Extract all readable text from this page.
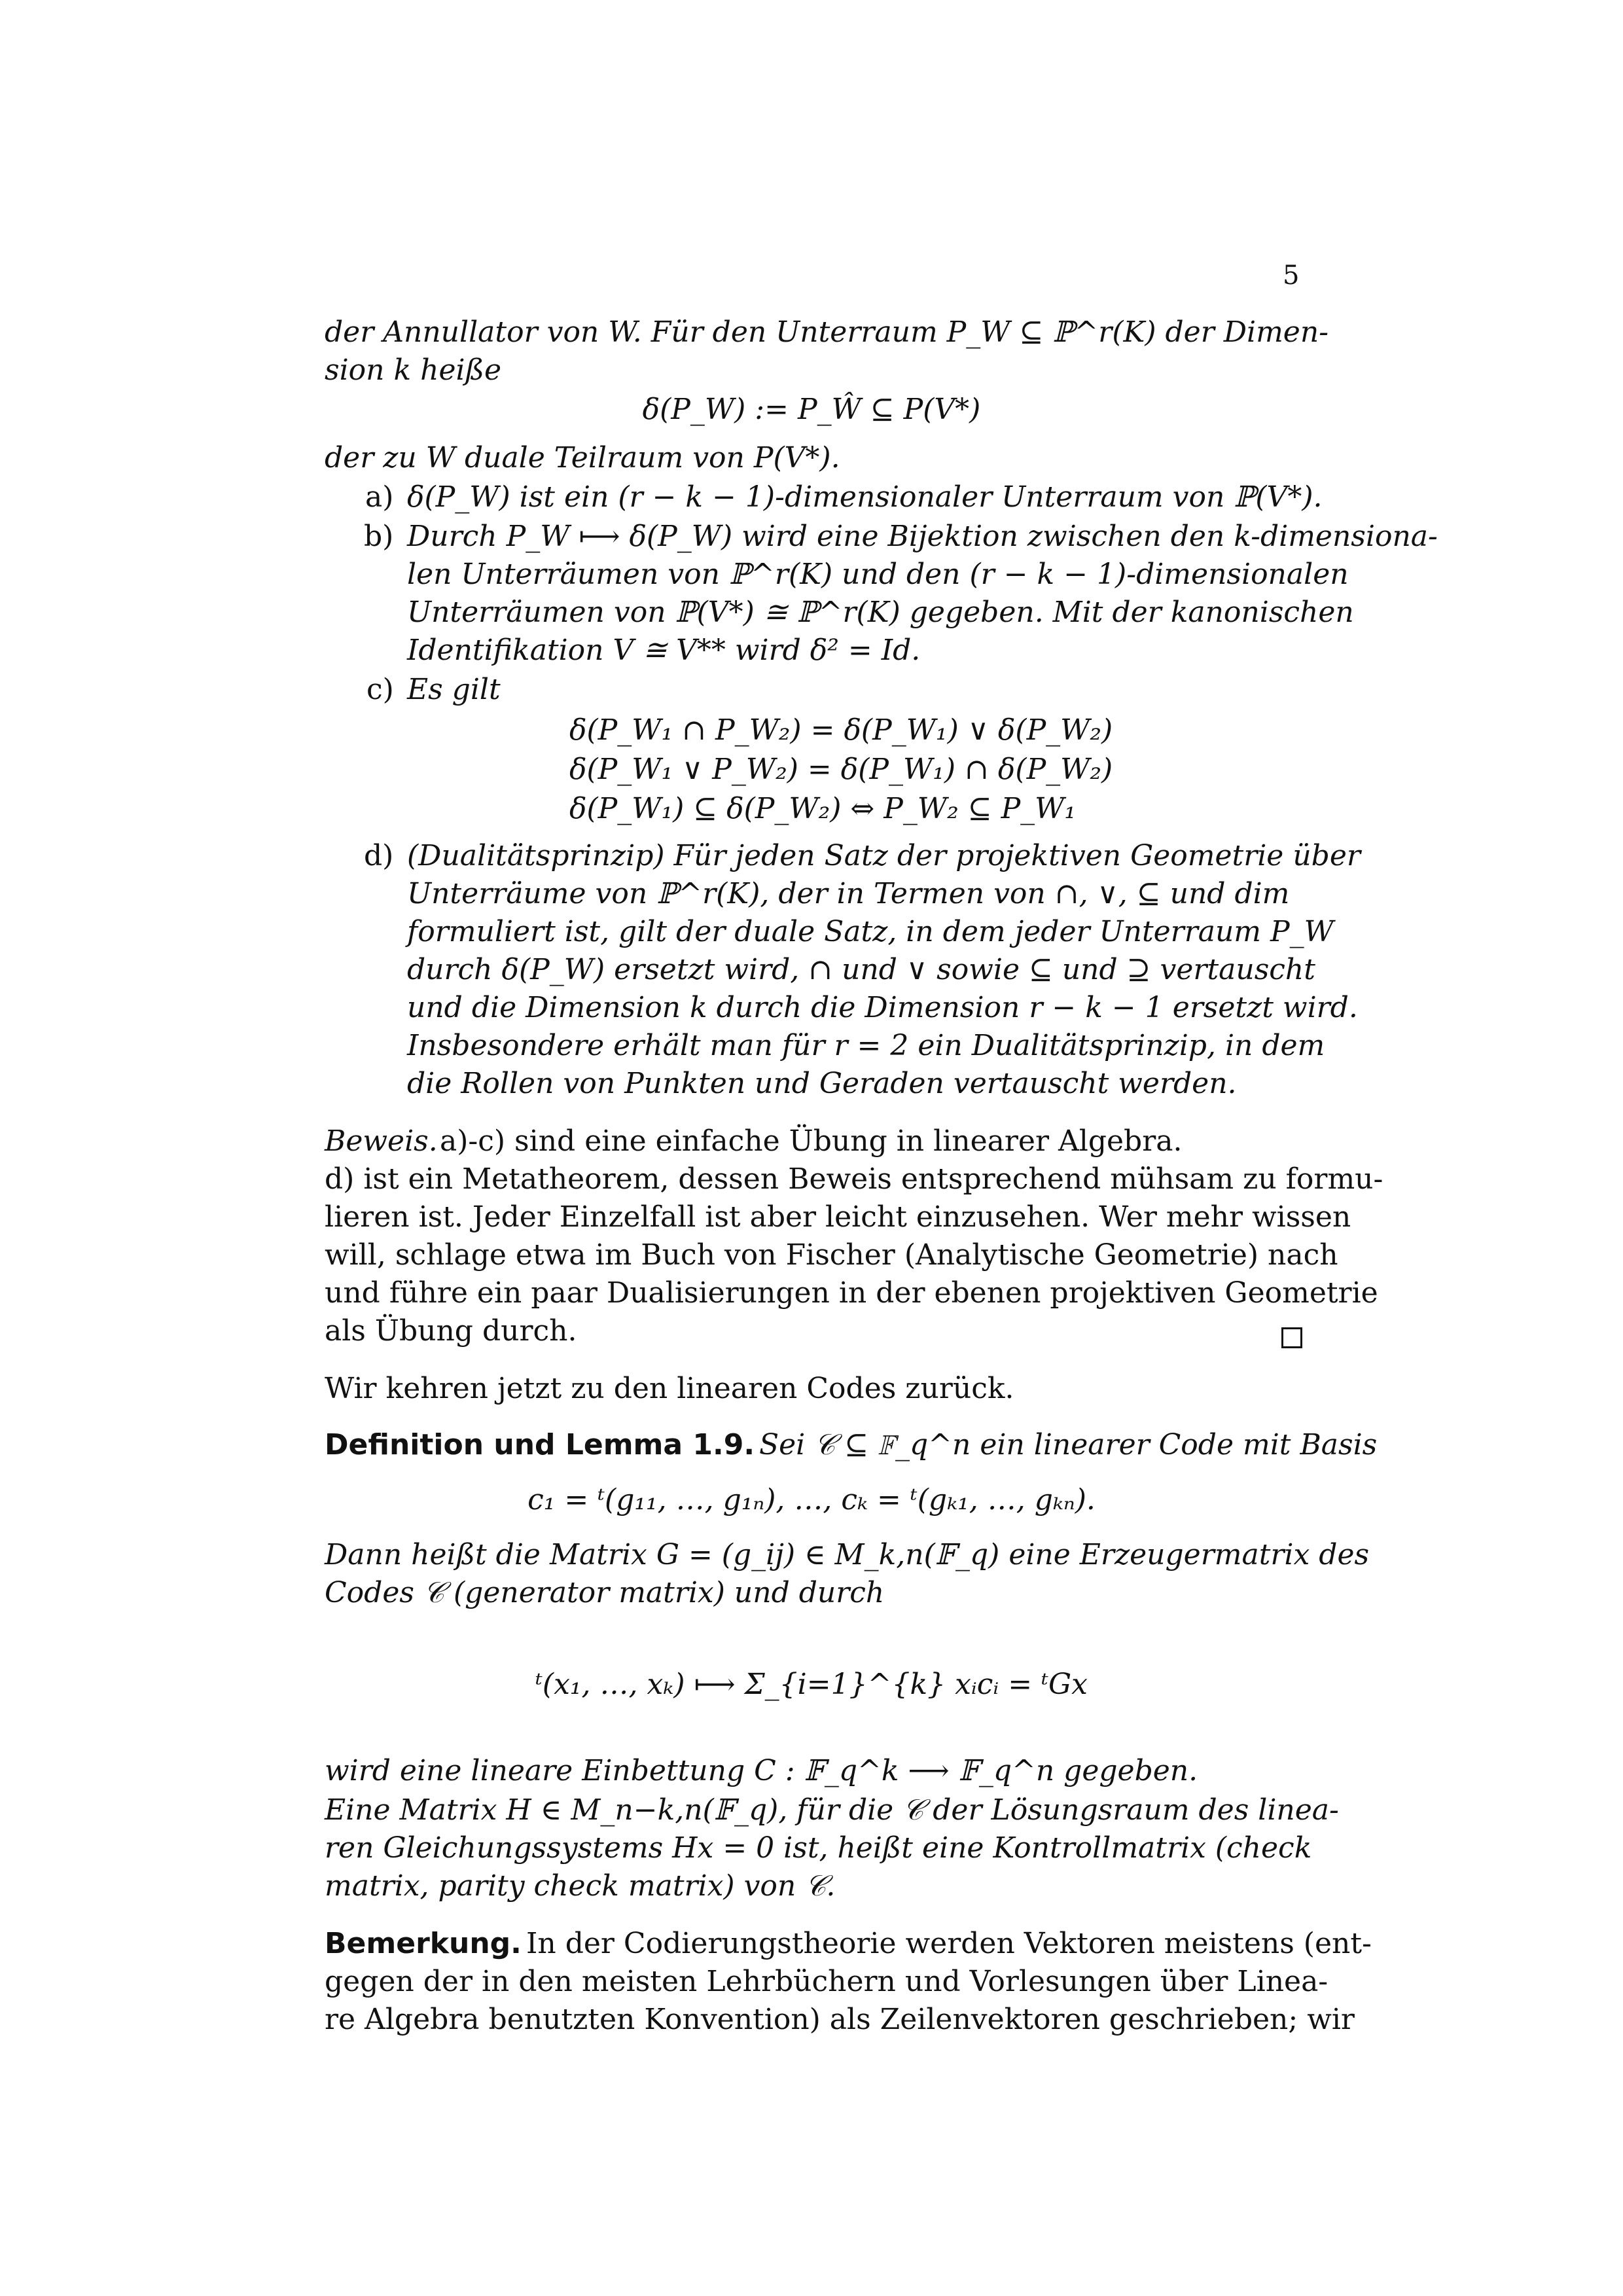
5
der Annullator von W. Für den Unterraum P_W ⊆ ℙ^r(K) der Dimen-
sion k heiße
δ(P_W) := P_Ŵ ⊆ P(V*)
der zu W duale Teilraum von P(V*).
a) δ(P_W) ist ein (r − k − 1)-dimensionaler Unterraum von ℙ(V*).
b) Durch P_W ⟼ δ(P_W) wird eine Bijektion zwischen den k-dimensiona-
len Unterräumen von ℙ^r(K) und den (r − k − 1)-dimensionalen
Unterräumen von ℙ(V*) ≅ ℙ^r(K) gegeben. Mit der kanonischen
Identifikation V ≅ V** wird δ² = Id.
c) Es gilt
δ(P_W₁ ∩ P_W₂) = δ(P_W₁) ∨ δ(P_W₂)
δ(P_W₁ ∨ P_W₂) = δ(P_W₁) ∩ δ(P_W₂)
δ(P_W₁) ⊆ δ(P_W₂) ⇔ P_W₂ ⊆ P_W₁
d) (Dualitätsprinzip) Für jeden Satz der projektiven Geometrie über
Unterräume von ℙ^r(K), der in Termen von ∩, ∨, ⊆ und dim
formuliert ist, gilt der duale Satz, in dem jeder Unterraum P_W
durch δ(P_W) ersetzt wird, ∩ und ∨ sowie ⊆ und ⊇ vertauscht
und die Dimension k durch die Dimension r − k − 1 ersetzt wird.
Insbesondere erhält man für r = 2 ein Dualitätsprinzip, in dem
die Rollen von Punkten und Geraden vertauscht werden.
Beweis. a)-c) sind eine einfache Übung in linearer Algebra.
d) ist ein Metatheorem, dessen Beweis entsprechend mühsam zu formu-
lieren ist. Jeder Einzelfall ist aber leicht einzusehen. Wer mehr wissen
will, schlage etwa im Buch von Fischer (Analytische Geometrie) nach
und führe ein paar Dualisierungen in der ebenen projektiven Geometrie
als Übung durch.
Wir kehren jetzt zu den linearen Codes zurück.
Definition und Lemma 1.9. Sei 𝒞 ⊆ 𝔽_q^n ein linearer Code mit Basis
c₁ = ᵗ(g₁₁, …, g₁ₙ), …, cₖ = ᵗ(gₖ₁, …, gₖₙ).
Dann heißt die Matrix G = (g_ij) ∈ M_k,n(𝔽_q) eine Erzeugermatrix des
Codes 𝒞 (generator matrix) und durch
ᵗ(x₁, …, xₖ) ⟼ Σ_{i=1}^{k} xᵢcᵢ = ᵗGx
wird eine lineare Einbettung C : 𝔽_q^k ⟶ 𝔽_q^n gegeben.
Eine Matrix H ∈ M_n−k,n(𝔽_q), für die 𝒞 der Lösungsraum des linea-
ren Gleichungssystems Hx = 0 ist, heißt eine Kontrollmatrix (check
matrix, parity check matrix) von 𝒞.
Bemerkung. In der Codierungstheorie werden Vektoren meistens (ent-
gegen der in den meisten Lehrbüchern und Vorlesungen über Linea-
re Algebra benutzten Konvention) als Zeilenvektoren geschrieben; wir
